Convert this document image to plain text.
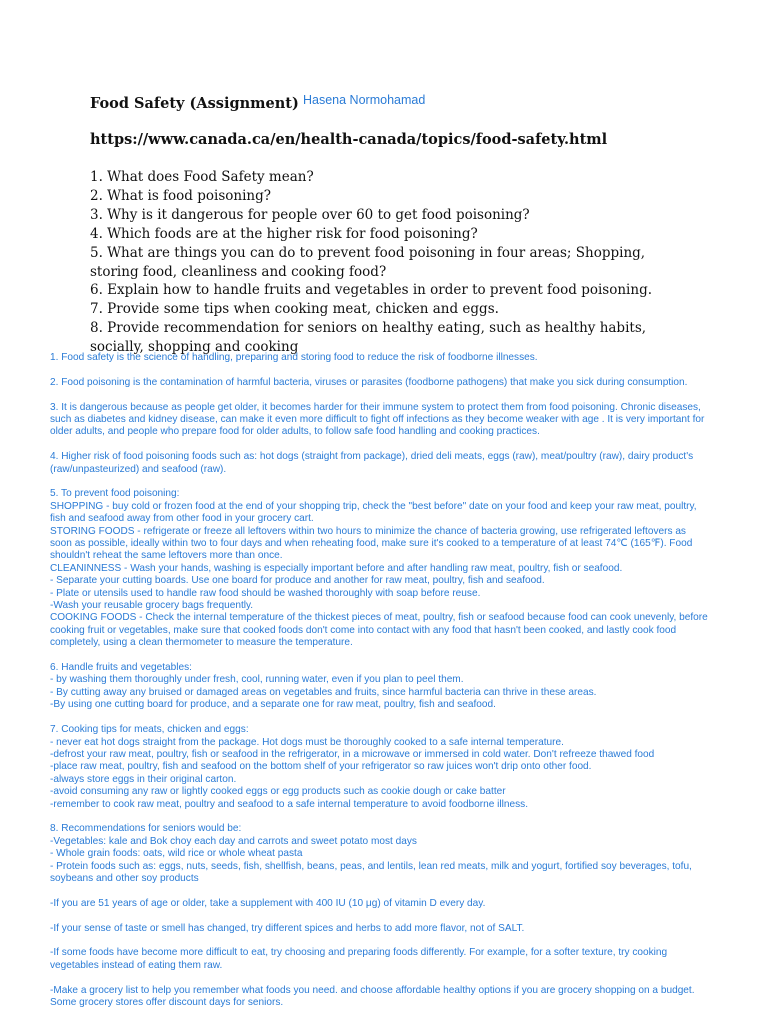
Food Safety (Assignment) Hasena Normohamad
https://www.canada.ca/en/health-canada/topics/food-safety.html
1. What does Food Safety mean?
2. What is food poisoning?
3. Why is it dangerous for people over 60 to get food poisoning?
4. Which foods are at the higher risk for food poisoning?
5. What are things you can do to prevent food poisoning in four areas; Shopping,
storing food, cleanliness and cooking food?
6. Explain how to handle fruits and vegetables in order to prevent food poisoning.
7. Provide some tips when cooking meat, chicken and eggs.
8. Provide recommendation for seniors on healthy eating, such as healthy habits,
socially, shopping and cooking
1. Food safety is the science of handling, preparing and storing food to reduce the risk of foodborne illnesses.
2. Food poisoning is the contamination of harmful bacteria, viruses or parasites (foodborne pathogens) that make you sick during consumption.
3. It is dangerous because as people get older, it becomes harder for their immune system to protect them from food poisoning. Chronic diseases,
such as diabetes and kidney disease, can make it even more difficult to fight off infections as they become weaker with age . It is very important for
older adults, and people who prepare food for older adults, to follow safe food handling and cooking practices.
4. Higher risk of food poisoning foods such as: hot dogs (straight from package), dried deli meats, eggs (raw), meat/poultry (raw), dairy product's
(raw/unpasteurized) and seafood (raw).
5. To prevent food poisoning:
SHOPPING - buy cold or frozen food at the end of your shopping trip, check the "best before" date on your food and keep your raw meat, poultry,
fish and seafood away from other food in your grocery cart.
STORING FOODS - refrigerate or freeze all leftovers within two hours to minimize the chance of bacteria growing, use refrigerated leftovers as
soon as possible, ideally within two to four days and when reheating food, make sure it's cooked to a temperature of at least 74℃ (165℉). Food
shouldn't reheat the same leftovers more than once.
CLEANINNESS - Wash your hands, washing is especially important before and after handling raw meat, poultry, fish or seafood.
- Separate your cutting boards. Use one board for produce and another for raw meat, poultry, fish and seafood.
- Plate or utensils used to handle raw food should be washed thoroughly with soap before reuse.
-Wash your reusable grocery bags frequently.
COOKING FOODS - Check the internal temperature of the thickest pieces of meat, poultry, fish or seafood because food can cook unevenly, before
cooking fruit or vegetables, make sure that cooked foods don't come into contact with any food that hasn't been cooked, and lastly cook food
completely, using a clean thermometer to measure the temperature.
6. Handle fruits and vegetables:
- by washing them thoroughly under fresh, cool, running water, even if you plan to peel them.
- By cutting away any bruised or damaged areas on vegetables and fruits, since harmful bacteria can thrive in these areas.
-By using one cutting board for produce, and a separate one for raw meat, poultry, fish and seafood.
7. Cooking tips for meats, chicken and eggs:
- never eat hot dogs straight from the package. Hot dogs must be thoroughly cooked to a safe internal temperature.
-defrost your raw meat, poultry, fish or seafood in the refrigerator, in a microwave or immersed in cold water. Don't refreeze thawed food
-place raw meat, poultry, fish and seafood on the bottom shelf of your refrigerator so raw juices won't drip onto other food.
-always store eggs in their original carton.
-avoid consuming any raw or lightly cooked eggs or egg products such as cookie dough or cake batter
-remember to cook raw meat, poultry and seafood to a safe internal temperature to avoid foodborne illness.
8. Recommendations for seniors would be:
-Vegetables: kale and Bok choy each day and carrots and sweet potato most days
- Whole grain foods: oats, wild rice or whole wheat pasta
- Protein foods such as: eggs, nuts, seeds, fish, shellfish, beans, peas, and lentils, lean red meats, milk and yogurt, fortified soy beverages, tofu,
soybeans and other soy products
-If you are 51 years of age or older, take a supplement with 400 IU (10 μg) of vitamin D every day.
-If your sense of taste or smell has changed, try different spices and herbs to add more flavor, not of SALT.
-If some foods have become more difficult to eat, try choosing and preparing foods differently. For example, for a softer texture, try cooking
vegetables instead of eating them raw.
-Make a grocery list to help you remember what foods you need. and choose affordable healthy options if you are grocery shopping on a budget.
Some grocery stores offer discount days for seniors.
